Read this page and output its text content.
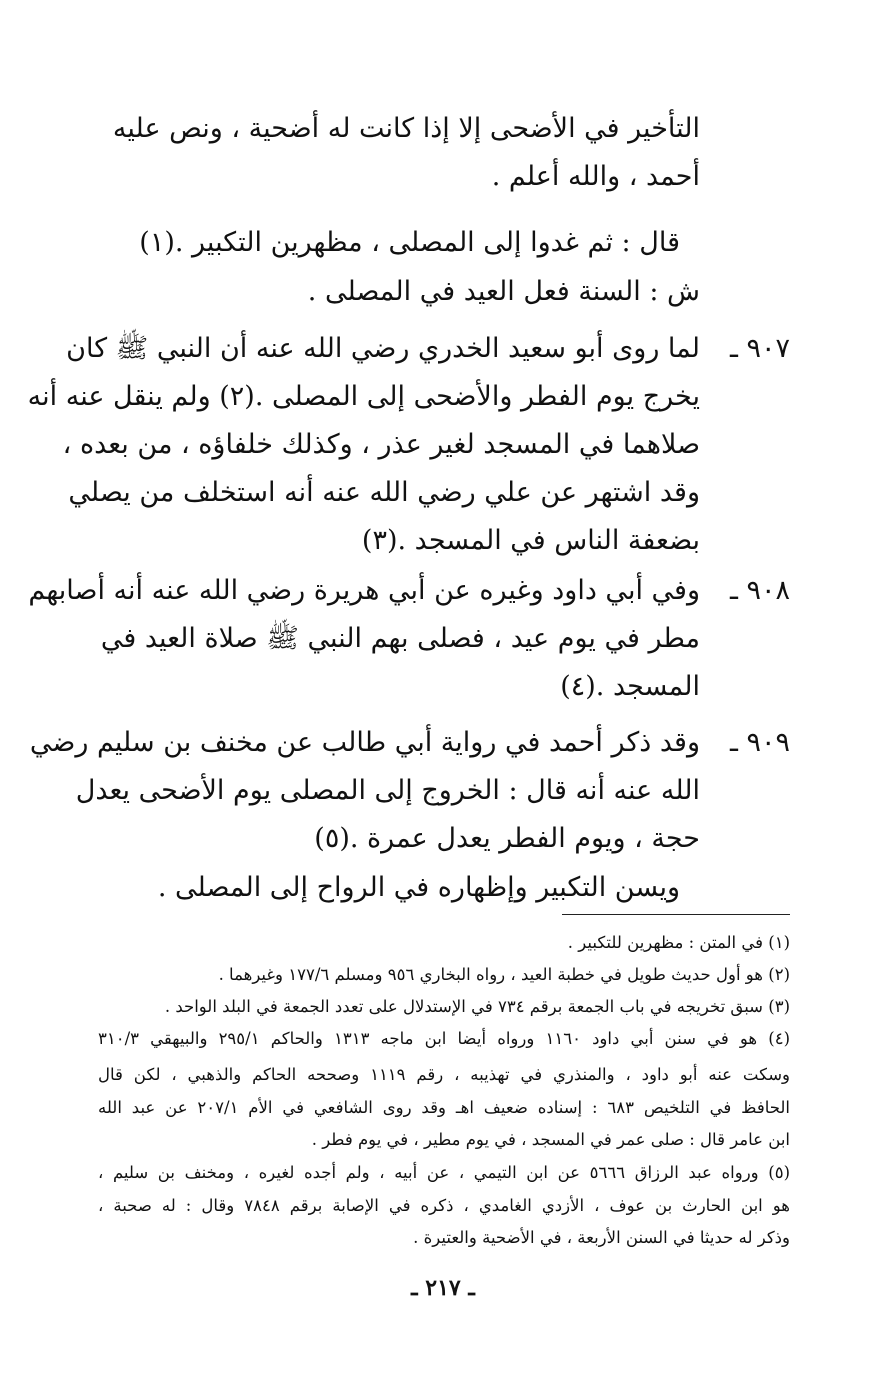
التأخير في الأضحى إلا إذا كانت له أضحية ، ونص عليه
أحمد ، والله أعلم .
قال : ثم غدوا إلى المصلى ، مظهرين التكبير .(١)
ش : السنة فعل العيد في المصلى .
٩٠٧ ـ
لما روى أبو سعيد الخدري رضي الله عنه أن النبي ﷺ كان
يخرج يوم الفطر والأضحى إلى المصلى .(٢) ولم ينقل عنه أنه
صلاهما في المسجد لغير عذر ، وكذلك خلفاؤه ، من بعده ،
وقد اشتهر عن علي رضي الله عنه أنه استخلف من يصلي
بضعفة الناس في المسجد .(٣)
٩٠٨ ـ
وفي أبي داود وغيره عن أبي هريرة رضي الله عنه أنه أصابهم
مطر في يوم عيد ، فصلى بهم النبي ﷺ صلاة العيد في
المسجد .(٤)
٩٠٩ ـ
وقد ذكر أحمد في رواية أبي طالب عن مخنف بن سليم رضي
الله عنه أنه قال : الخروج إلى المصلى يوم الأضحى يعدل
حجة ، ويوم الفطر يعدل عمرة .(٥)
ويسن التكبير وإظهاره في الرواح إلى المصلى .
(١) في المتن : مظهرين للتكبير .
(٢) هو أول حديث طويل في خطبة العيد ، رواه البخاري ٩٥٦ ومسلم ١٧٧/٦ وغيرهما .
(٣) سبق تخريجه في باب الجمعة برقم ٧٣٤ في الإستدلال على تعدد الجمعة في البلد الواحد .
(٤) هو في سنن أبي داود ١١٦٠ ورواه أيضا ابن ماجه ١٣١٣ والحاكم ٢٩٥/١ والبيهقي ٣١٠/٣
وسكت عنه أبو داود ، والمنذري في تهذيبه ، رقم ١١١٩ وصححه الحاكم والذهبي ، لكن قال
الحافظ في التلخيص ٦٨٣ : إسناده ضعيف اهـ وقد روى الشافعي في الأم ٢٠٧/١ عن عبد الله
ابن عامر قال : صلى عمر في المسجد ، في يوم مطير ، في يوم فطر .
(٥) ورواه عبد الرزاق ٥٦٦٦ عن ابن التيمي ، عن أبيه ، ولم أجده لغيره ، ومخنف بن سليم ،
هو ابن الحارث بن عوف ، الأزدي الغامدي ، ذكره في الإصابة برقم ٧٨٤٨ وقال : له صحبة ،
وذكر له حديثا في السنن الأربعة ، في الأضحية والعتيرة .
ـ ٢١٧ ـ
